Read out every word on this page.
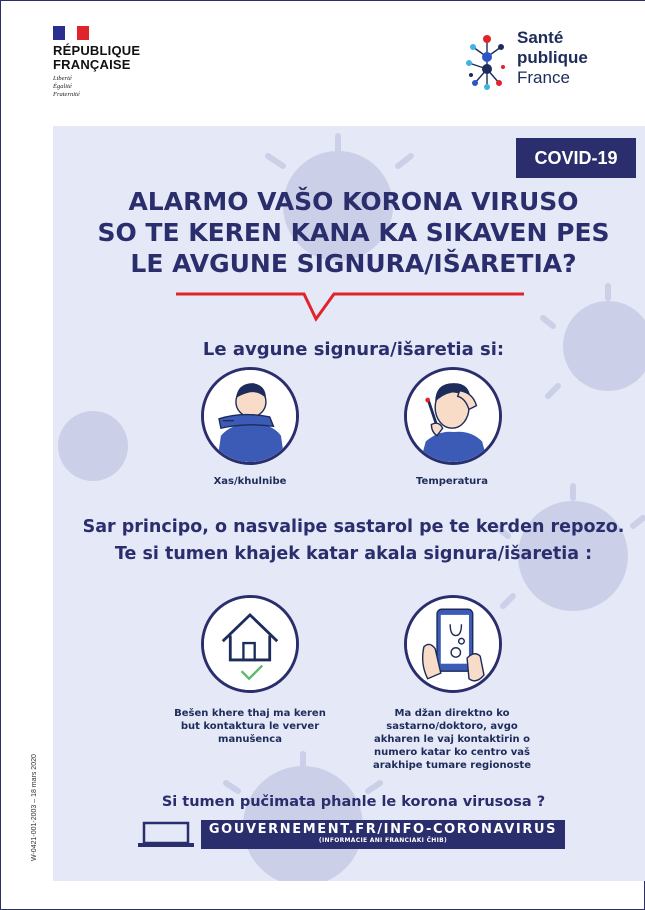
RÉPUBLIQUE
FRANÇAISE
Liberté
Égalité
Fraternité
Santé
publique
France
COVID-19
ALARMO VAŠO KORONA VIRUSO
SO TE KEREN KANA KA SIKAVEN PES
LE AVGUNE SIGNURA/IŠARETIA?
Le avgune signura/išaretia si:
Xas/khulnibe	Temperatura
Sar principo, o nasvalipe sastarol pe te kerden repozo.
Te si tumen khajek katar akala signura/išaretia :
Bešen khere thaj ma keren
but kontaktura le verver
manušenca
Ma džan direktno ko
sastarno/doktoro, avgo
akharen le vaj kontaktirin o
numero katar ko centro vaš
arakhipe tumare regionoste
Si tumen pučimata phanle le korona virusosa ?
GOUVERNEMENT.FR/INFO-CORONAVIRUS
(INFORMACIE ANI FRANCIAKI ČHIB)
W-0421-001-2003 – 18 mars 2020
